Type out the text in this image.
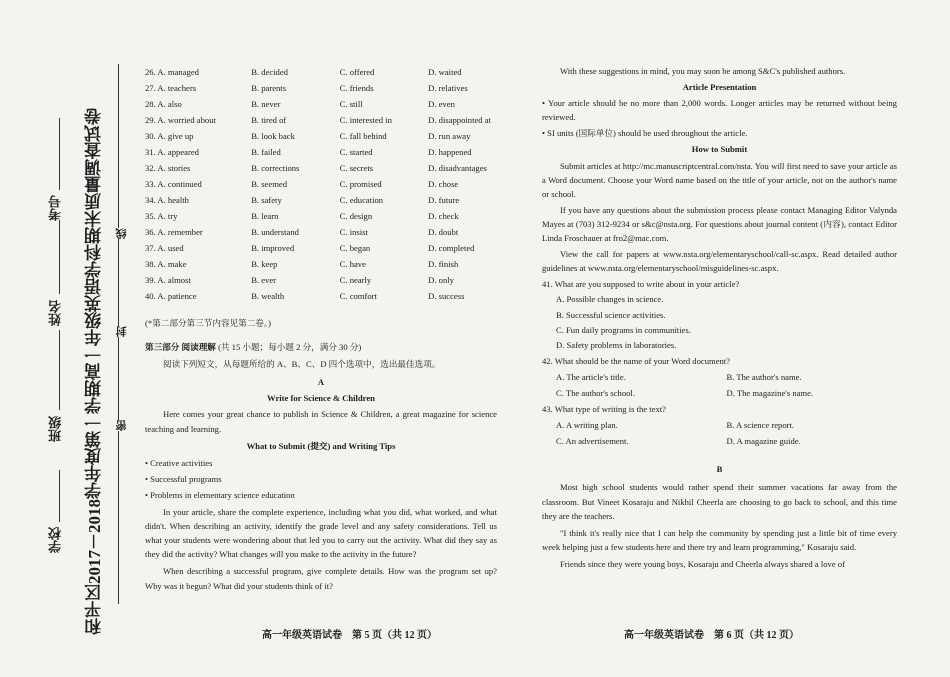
和平区2017－2018学年度第一学期高一年级英语学科期末质量调查试卷 线
封
密
学校
班级
姓名
考号
26. A. managed	B. decided	C. offered	D. waited
27. A. teachers	B. parents	C. friends	D. relatives
28. A. also	B. never	C. still	D. even
29. A. worried about	B. tired of	C. interested in	D. disappointed at
30. A. give up	B. look back	C. fall behind	D. run away
31. A. appeared	B. failed	C. started	D. happened
32. A. stories	B. corrections	C. secrets	D. disadvantages
33. A. continued	B. seemed	C. promised	D. chose
34. A. health	B. safety	C. education	D. future
35. A. try	B. learn	C. design	D. check
36. A. remember	B. understand	C. insist	D. doubt
37. A. used	B. improved	C. began	D. completed
38. A. make	B. keep	C. have	D. finish
39. A. almost	B. ever	C. nearly	D. only
40. A. patience	B. wealth	C. comfort	D. success

(*第二部分第三节内容见第二卷。)

第三部分 阅读理解 (共 15 小题；每小题 2 分，满分 30 分)

阅读下列短文，从每题所给的 A、B、C、D 四个选项中，选出最佳选项。

A

Write for Science & Children

Here comes your great chance to publish in Science & Children, a great magazine for science teaching and learning.

What to Submit (提交) and Writing Tips

• Creative activities

• Successful programs

• Problems in elementary science education

In your article, share the complete experience, including what you did, what worked, and what didn't. When describing an activity, identify the grade level and any safety considerations. Tell us what your students were wondering about that led you to carry out the activity. What did they say as they did the activity? What changes will you make to the activity in the future?

When describing a successful program, give complete details. How was the program set up? Why was it begun? What did your students think of it?

高一年级英语试卷　第 5 页（共 12 页）

With these suggestions in mind, you may soon be among S&C's published authors.

Article Presentation

• Your article should be no more than 2,000 words. Longer articles may be returned without being reviewed.

• SI units (国际单位) should be used throughout the article.

How to Submit

Submit articles at http://mc.manuscriptcentral.com/nsta. You will first need to save your article as a Word document. Choose your Word name based on the title of your article, not on the author's name or school.

If you have any questions about the submission process please contact Managing Editor Valynda Mayes at (703) 312-9234 or s&c@nsta.org. For questions about journal content (内容), contact Editor Linda Froschauer at fro2@mac.com.

View the call for papers at www.nsta.org/elementaryschool/call-sc.aspx. Read detailed author guidelines at www.nsta.org/elementaryschool/misguidelines-sc.aspx.

41. What are you supposed to write about in your article?

A. Possible changes in science.

B. Successful science activities.

C. Fun daily programs in communities.

D. Safety problems in laboratories.

42. What should be the name of your Word document?

A. The article's title.	B. The author's name.
C. The author's school.	D. The magazine's name.

43. What type of writing is the text?

A. A writing plan.	B. A science report.
C. An advertisement.	D. A magazine guide.

B

Most high school students would rather spend their summer vacations far away from the classroom. But Vineet Kosaraju and Nikhil Cheerla are choosing to go back to school, and this time they are the teachers.

"I think it's really nice that I can help the community by spending just a little bit of time every week helping just a few students here and there try and learn programming," Kosaraju said.

Friends since they were young boys, Kosaraju and Cheerla always shared a love of

高一年级英语试卷　第 6 页（共 12 页）
